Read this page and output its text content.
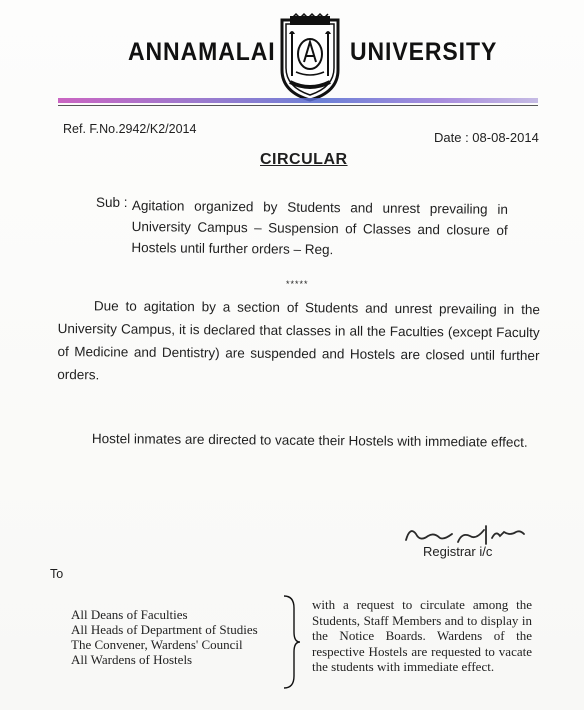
ANNAMALAI	UNIVERSITY
Ref. F.No.2942/K2/2014
Date : 08-08-2014
CIRCULAR
Sub : Agitation organized by Students and unrest prevailing in University Campus – Suspension of Classes and closure of Hostels until further orders – Reg.
*****
Due to agitation by a section of Students and unrest prevailing in the University Campus, it is declared that classes in all the Faculties (except Faculty of Medicine and Dentistry) are suspended and Hostels are closed until further orders.
Hostel inmates are directed to vacate their Hostels with immediate effect.
Registrar i/c
To
All Deans of Faculties
All Heads of Department of Studies
The Convener, Wardens' Council
All Wardens of Hostels
with a request to circulate among the Students, Staff Members and to display in the Notice Boards. Wardens of the respective Hostels are requested to vacate the students with immediate effect.
